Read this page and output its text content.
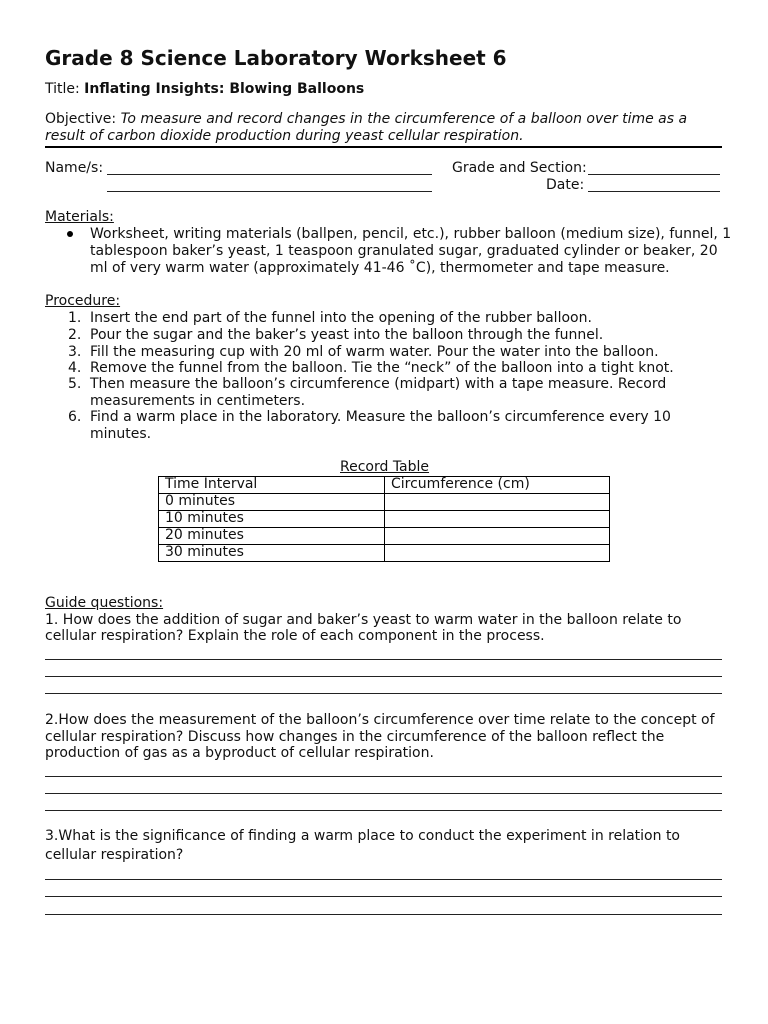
Grade 8 Science Laboratory Worksheet 6
Title: Inflating Insights: Blowing Balloons
Objective: To measure and record changes in the circumference of a balloon over time as a
result of carbon dioxide production during yeast cellular respiration.
Name/s:	Grade and Section:
Date:
Materials:
Worksheet, writing materials (ballpen, pencil, etc.), rubber balloon (medium size), funnel, 1
tablespoon baker’s yeast, 1 teaspoon granulated sugar, graduated cylinder or beaker, 20
ml of very warm water (approximately 41-46 ˚C), thermometer and tape measure.
Procedure:
1. Insert the end part of the funnel into the opening of the rubber balloon.
2. Pour the sugar and the baker’s yeast into the balloon through the funnel.
3. Fill the measuring cup with 20 ml of warm water. Pour the water into the balloon.
4. Remove the funnel from the balloon. Tie the “neck” of the balloon into a tight knot.
5. Then measure the balloon’s circumference (midpart) with a tape measure. Record
measurements in centimeters.
6. Find a warm place in the laboratory. Measure the balloon’s circumference every 10
minutes.
Record Table
Time Interval	Circumference (cm)
0 minutes	
10 minutes	
20 minutes	
30 minutes	
Guide questions:
1. How does the addition of sugar and baker’s yeast to warm water in the balloon relate to
cellular respiration? Explain the role of each component in the process.
2.How does the measurement of the balloon’s circumference over time relate to the concept of
cellular respiration? Discuss how changes in the circumference of the balloon reflect the
production of gas as a byproduct of cellular respiration.
3.What is the significance of finding a warm place to conduct the experiment in relation to
cellular respiration?
